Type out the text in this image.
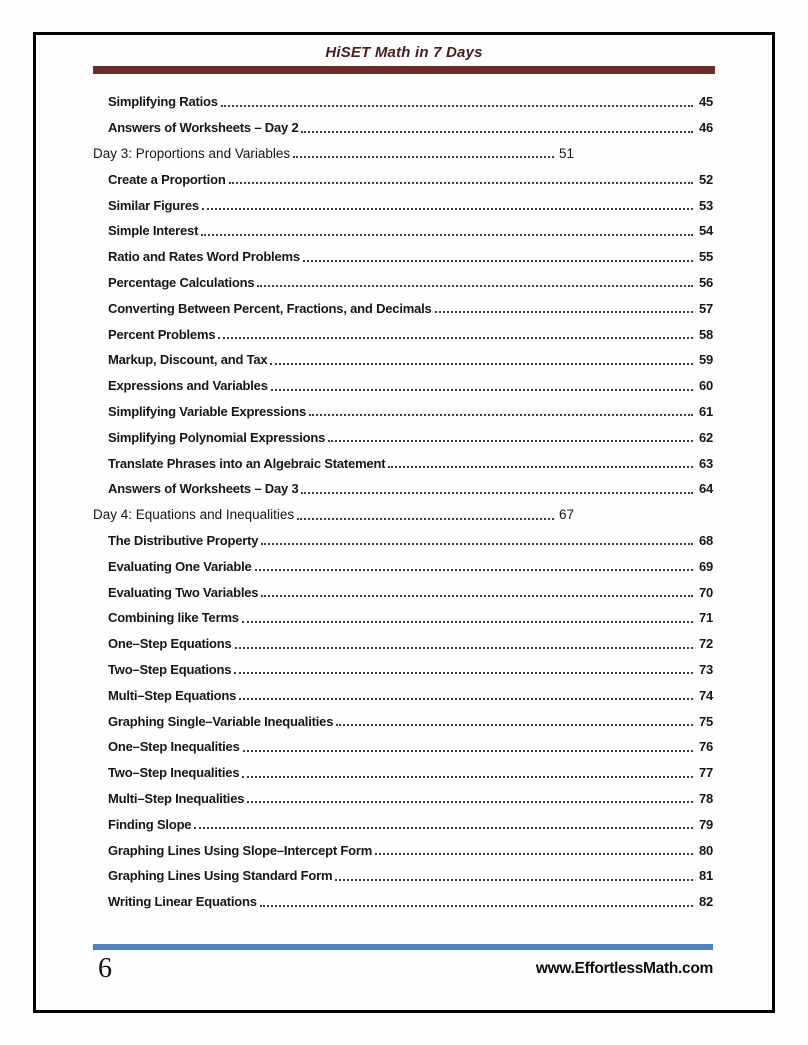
HiSET Math in 7 Days
Simplifying Ratios	45
Answers of Worksheets – Day 2	46
Day 3: Proportions and Variables	51
Create a Proportion	52
Similar Figures	53
Simple Interest	54
Ratio and Rates Word Problems	55
Percentage Calculations	56
Converting Between Percent, Fractions, and Decimals	57
Percent Problems	58
Markup, Discount, and Tax	59
Expressions and Variables	60
Simplifying Variable Expressions	61
Simplifying Polynomial Expressions	62
Translate Phrases into an Algebraic Statement	63
Answers of Worksheets – Day 3	64
Day 4: Equations and Inequalities	67
The Distributive Property	68
Evaluating One Variable	69
Evaluating Two Variables	70
Combining like Terms	71
One–Step Equations	72
Two–Step Equations	73
Multi–Step Equations	74
Graphing Single–Variable Inequalities	75
One–Step Inequalities	76
Two–Step Inequalities	77
Multi–Step Inequalities	78
Finding Slope	79
Graphing Lines Using Slope–Intercept Form	80
Graphing Lines Using Standard Form	81
Writing Linear Equations	82
6	www.EffortlessMath.com
